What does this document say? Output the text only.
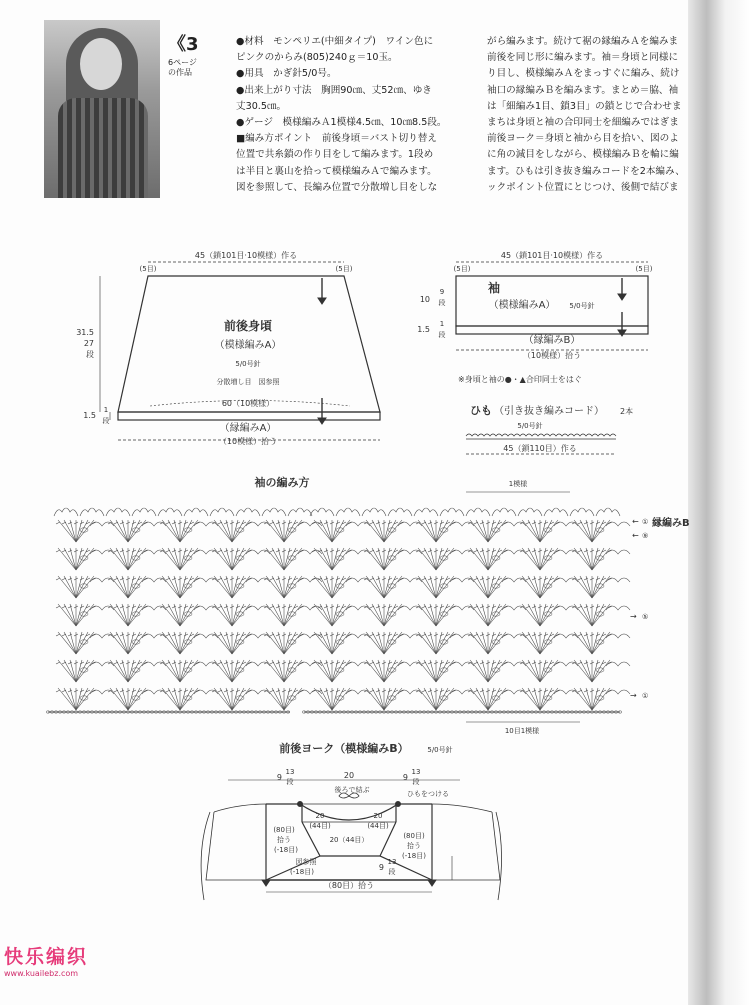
《3
6ページ
の作品

●材料　モンペリエ(中細タイプ)　ワイン色に

ピンクのからみ(805)240ｇ＝10玉。

●用具　かぎ針5/0号。

●出来上がり寸法　胸囲90㎝、丈52㎝、ゆき

丈30.5㎝。

●ゲージ　模様編みＡ1模様4.5㎝、10㎝8.5段。

■編み方ポイント　前後身頃＝バスト切り替え

位置で共糸鎖の作り目をして編みます。1段め

は半目と裏山を拾って模様編みＡで編みます。

図を参照して、長編み位置で分散増し目をしな

がら編みます。続けて裾の縁編みＡを編みま

前後を同じ形に編みます。袖＝身頃と同様に

り目し、模様編みＡをまっすぐに編み、続け

袖口の縁編みＢを編みます。まとめ＝脇、袖

は「細編み1目、鎖3目」の鎖とじで合わせま

まちは身頃と袖の合印同士を細編みではぎま

前後ヨーク＝身頃と袖から目を拾い、図のよ

に角の減目をしながら、模様編みＢを輪に編

ます。ひもは引き抜き編みコードを2本編み、

ックポイント位置にとじつけ、後側で結びま

45（鎖101目·10模様）作る
(5目)	(5目)
前後身頃
（模様編みA）
5/0号針
分散増し目　図参照
60（10模様）
（縁編みA）
（10模様）拾う
31.5
27
段
1.5
1
段
45（鎖101目·10模様）作る
(5目)	(5目)
袖
（模様編みA） 5/0号針
（縁編みB）
（10模様）拾う
10
9
段
1.5
1
段
※身頃と袖の●・▲合印同士をはぐ
ひも （引き抜き編みコード） 2本
5/0号針
45（鎖110目）作る
袖の編み方	1模様
10目1模様
①
← 縁編みB
⑨
←
⑤
→
①
→
前後ヨーク（模様編みB）	5/0号針
9
13
段
20	9
13
段
後ろで結ぶ	ひもをつける
20
(44目)
20
(44目)
20（44目）
(80目)
拾う
(-18目)
(80目)
拾う
(-18目)
図参照
(-18目)	9
13
段
（80目）拾う
快乐编织
www.kuailebz.com
